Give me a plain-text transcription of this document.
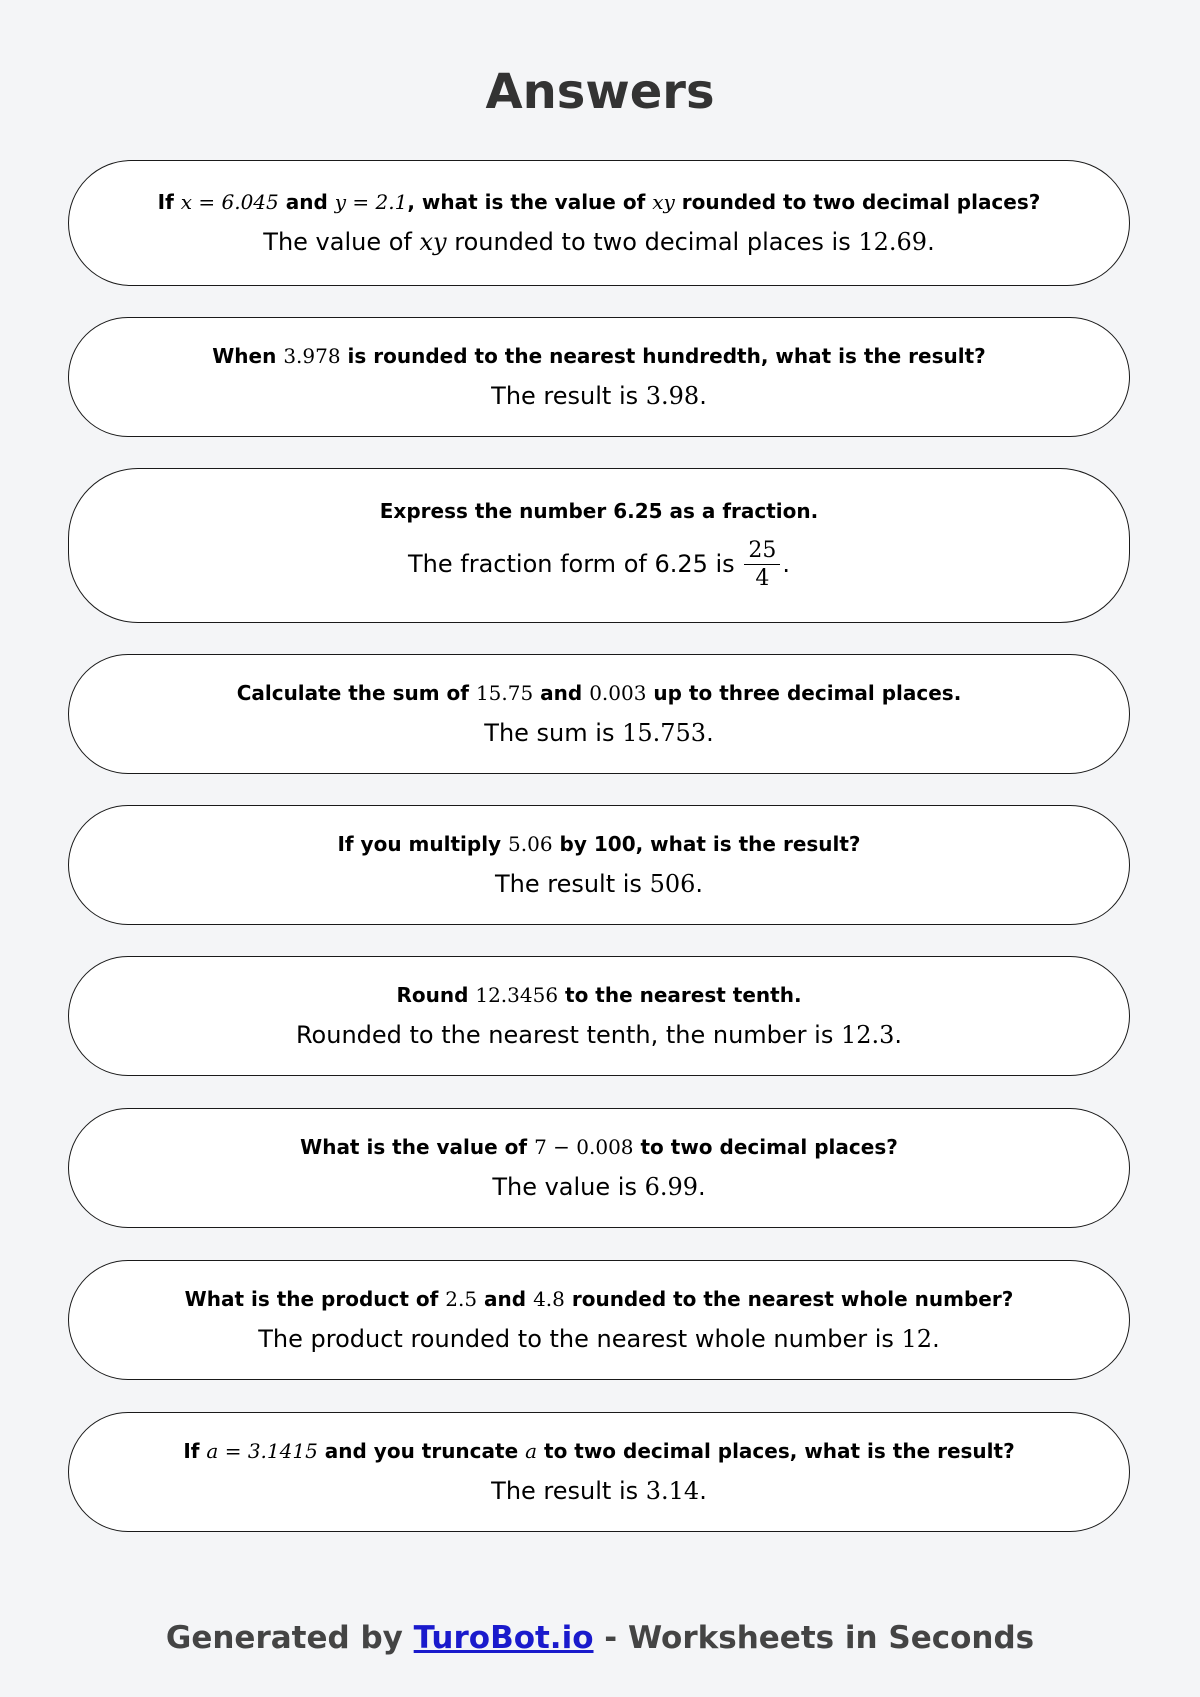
Answers
If x = 6.045 and y = 2.1, what is the value of xy rounded to two decimal places?
The value of xy rounded to two decimal places is 12.69.
When 3.978 is rounded to the nearest hundredth, what is the result?
The result is 3.98.
Express the number 6.25 as a fraction.
The fraction form of 6.25 is $\frac{25}{4}$ .
Calculate the sum of 15.75 and 0.003 up to three decimal places.
The sum is 15.753.
If you multiply 5.06 by 100, what is the result?
The result is 506.
Round 12.3456 to the nearest tenth.
Rounded to the nearest tenth, the number is 12.3.
What is the value of 7 − 0.008 to two decimal places?
The value is 6.99.
What is the product of 2.5 and 4.8 rounded to the nearest whole number?
The product rounded to the nearest whole number is 12.
If a = 3.1415 and you truncate a to two decimal places, what is the result?
The result is 3.14.
Generated by TuroBot.io - Worksheets in Seconds
